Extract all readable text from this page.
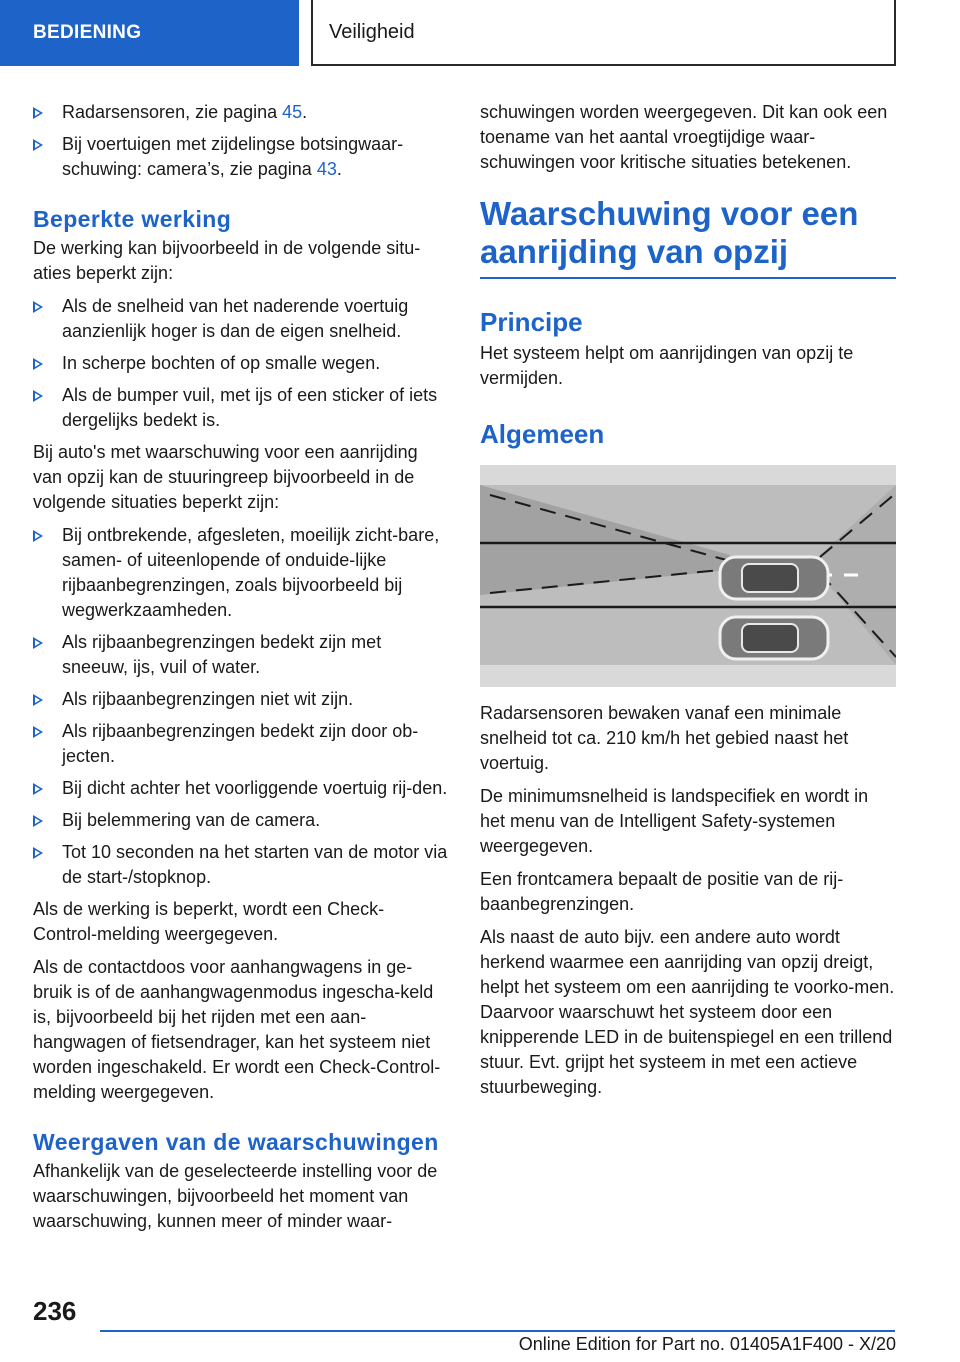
BEDIENING	Veiligheid
Radarsensoren, zie pagina 45.
Bij voertuigen met zijdelingse botsingwaar-schuwing: camera’s, zie pagina 43.
Beperkte werking

De werking kan bijvoorbeeld in de volgende situ-aties beperkt zijn:

Als de snelheid van het naderende voertuig aanzienlijk hoger is dan de eigen snelheid.
In scherpe bochten of op smalle wegen.
Als de bumper vuil, met ijs of een sticker of iets dergelijks bedekt is.

Bij auto's met waarschuwing voor een aanrijding van opzij kan de stuuringreep bijvoorbeeld in de volgende situaties beperkt zijn:

Bij ontbrekende, afgesleten, moeilijk zicht-bare, samen- of uiteenlopende of onduide-lijke rijbaanbegrenzingen, zoals bijvoorbeeld bij wegwerkzaamheden.
Als rijbaanbegrenzingen bedekt zijn met sneeuw, ijs, vuil of water.
Als rijbaanbegrenzingen niet wit zijn.
Als rijbaanbegrenzingen bedekt zijn door ob-jecten.
Bij dicht achter het voorliggende voertuig rij-den.
Bij belemmering van de camera.
Tot 10 seconden na het starten van de motor via de start-/stopknop.

Als de werking is beperkt, wordt een Check-Control-melding weergegeven.

Als de contactdoos voor aanhangwagens in ge-bruik is of de aanhangwagenmodus ingescha-keld is, bijvoorbeeld bij het rijden met een aan-hangwagen of fietsendrager, kan het systeem niet worden ingeschakeld. Er wordt een Check-Control-melding weergegeven.

Weergaven van de waarschuwingen

Afhankelijk van de geselecteerde instelling voor de waarschuwingen, bijvoorbeeld het moment van waarschuwing, kunnen meer of minder waar-

schuwingen worden weergegeven. Dit kan ook een toename van het aantal vroegtijdige waar-schuwingen voor kritische situaties betekenen.

Waarschuwing voor een aanrijding van opzij
Principe

Het systeem helpt om aanrijdingen van opzij te vermijden.

Algemeen

Radarsensoren bewaken vanaf een minimale snelheid tot ca. 210 km/h het gebied naast het voertuig.

De minimumsnelheid is landspecifiek en wordt in het menu van de Intelligent Safety-systemen weergegeven.

Een frontcamera bepaalt de positie van de rij-baanbegrenzingen.

Als naast de auto bijv. een andere auto wordt herkend waarmee een aanrijding van opzij dreigt, helpt het systeem om een aanrijding te voorko-men. Daarvoor waarschuwt het systeem door een knipperende LED in de buitenspiegel en een trillend stuur. Evt. grijpt het systeem in met een actieve stuurbeweging.

236
Online Edition for Part no. 01405A1F400 - X/20
